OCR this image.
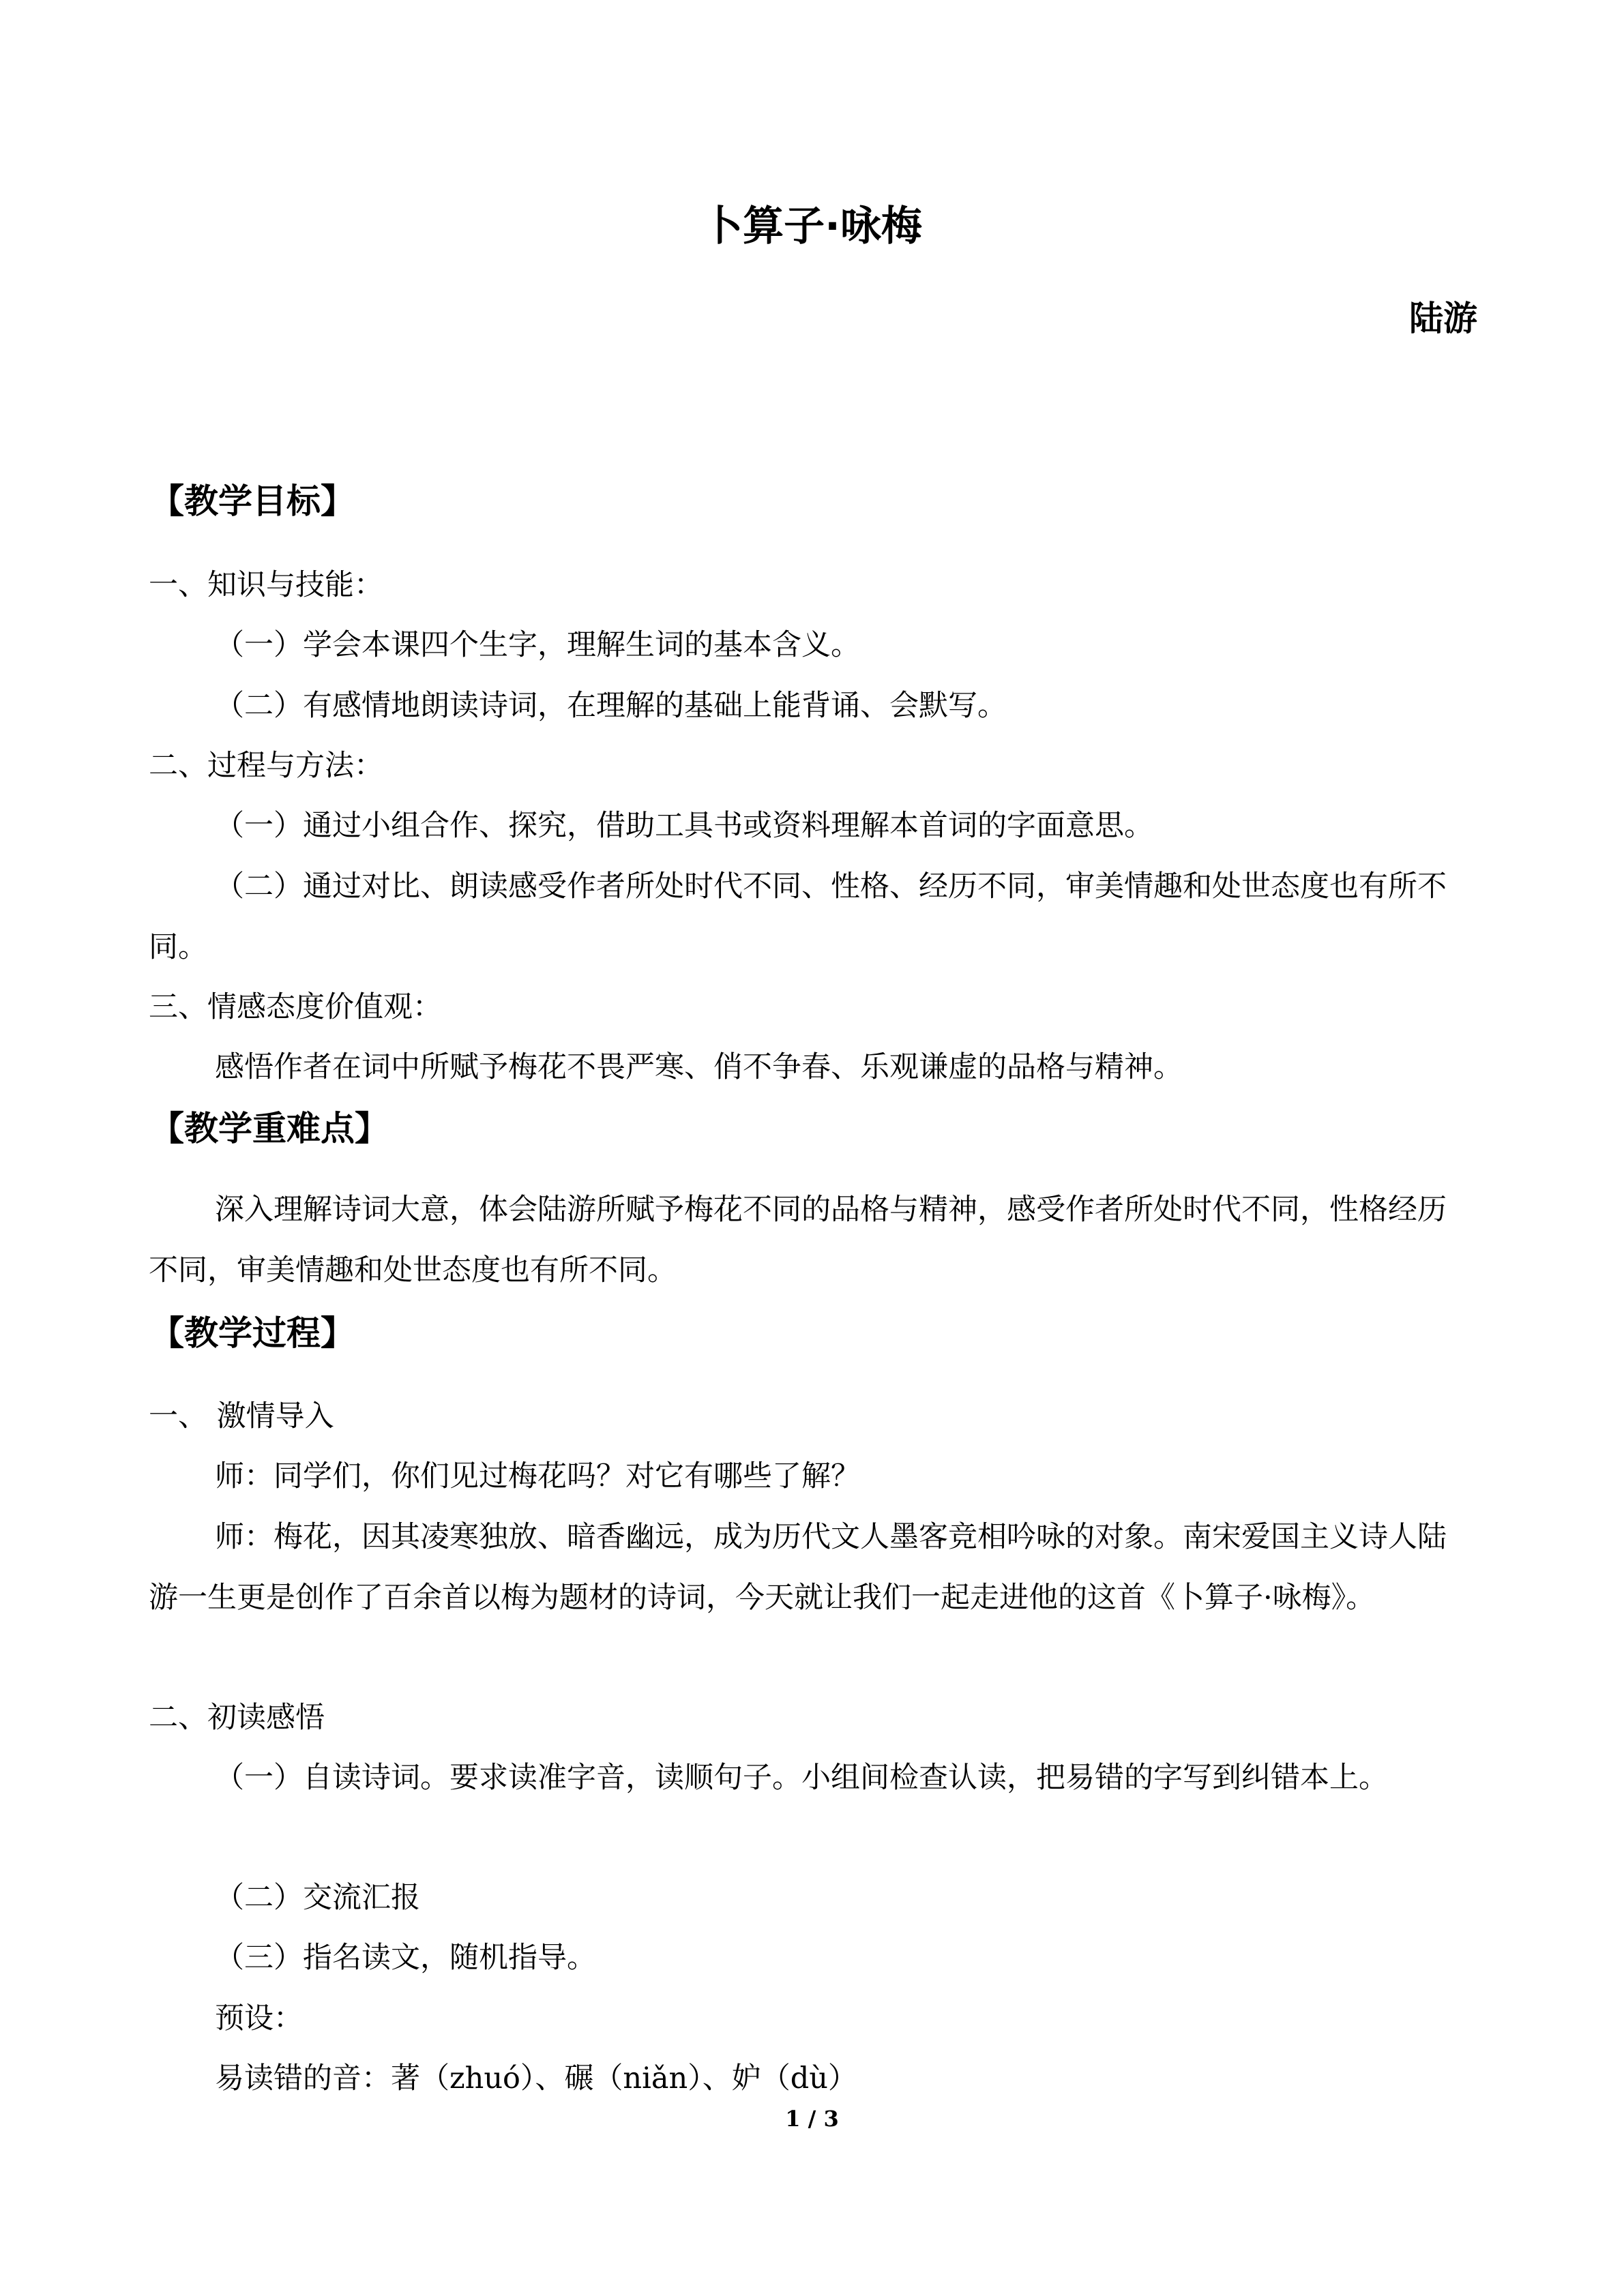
卜算子·咏梅
陆游
【教学目标】
一、知识与技能：
（一）学会本课四个生字，理解生词的基本含义。
（二）有感情地朗读诗词，在理解的基础上能背诵、会默写。
二、过程与方法：
（一）通过小组合作、探究，借助工具书或资料理解本首词的字面意思。
（二）通过对比、朗读感受作者所处时代不同、性格、经历不同，审美情趣和处世态度也有所不同。
三、情感态度价值观：
感悟作者在词中所赋予梅花不畏严寒、俏不争春、乐观谦虚的品格与精神。
【教学重难点】
深入理解诗词大意，体会陆游所赋予梅花不同的品格与精神，感受作者所处时代不同，性格经历不同，审美情趣和处世态度也有所不同。
【教学过程】
一、 激情导入
师：同学们，你们见过梅花吗？对它有哪些了解？
师：梅花，因其凌寒独放、暗香幽远，成为历代文人墨客竞相吟咏的对象。南宋爱国主义诗人陆游一生更是创作了百余首以梅为题材的诗词，今天就让我们一起走进他的这首《卜算子·咏梅》。
二、初读感悟
（一）自读诗词。要求读准字音，读顺句子。小组间检查认读，把易错的字写到纠错本上。
（二）交流汇报
（三）指名读文，随机指导。
预设：
易读错的音：著（zhuó）、碾（niǎn）、妒（dù）
1 / 3
